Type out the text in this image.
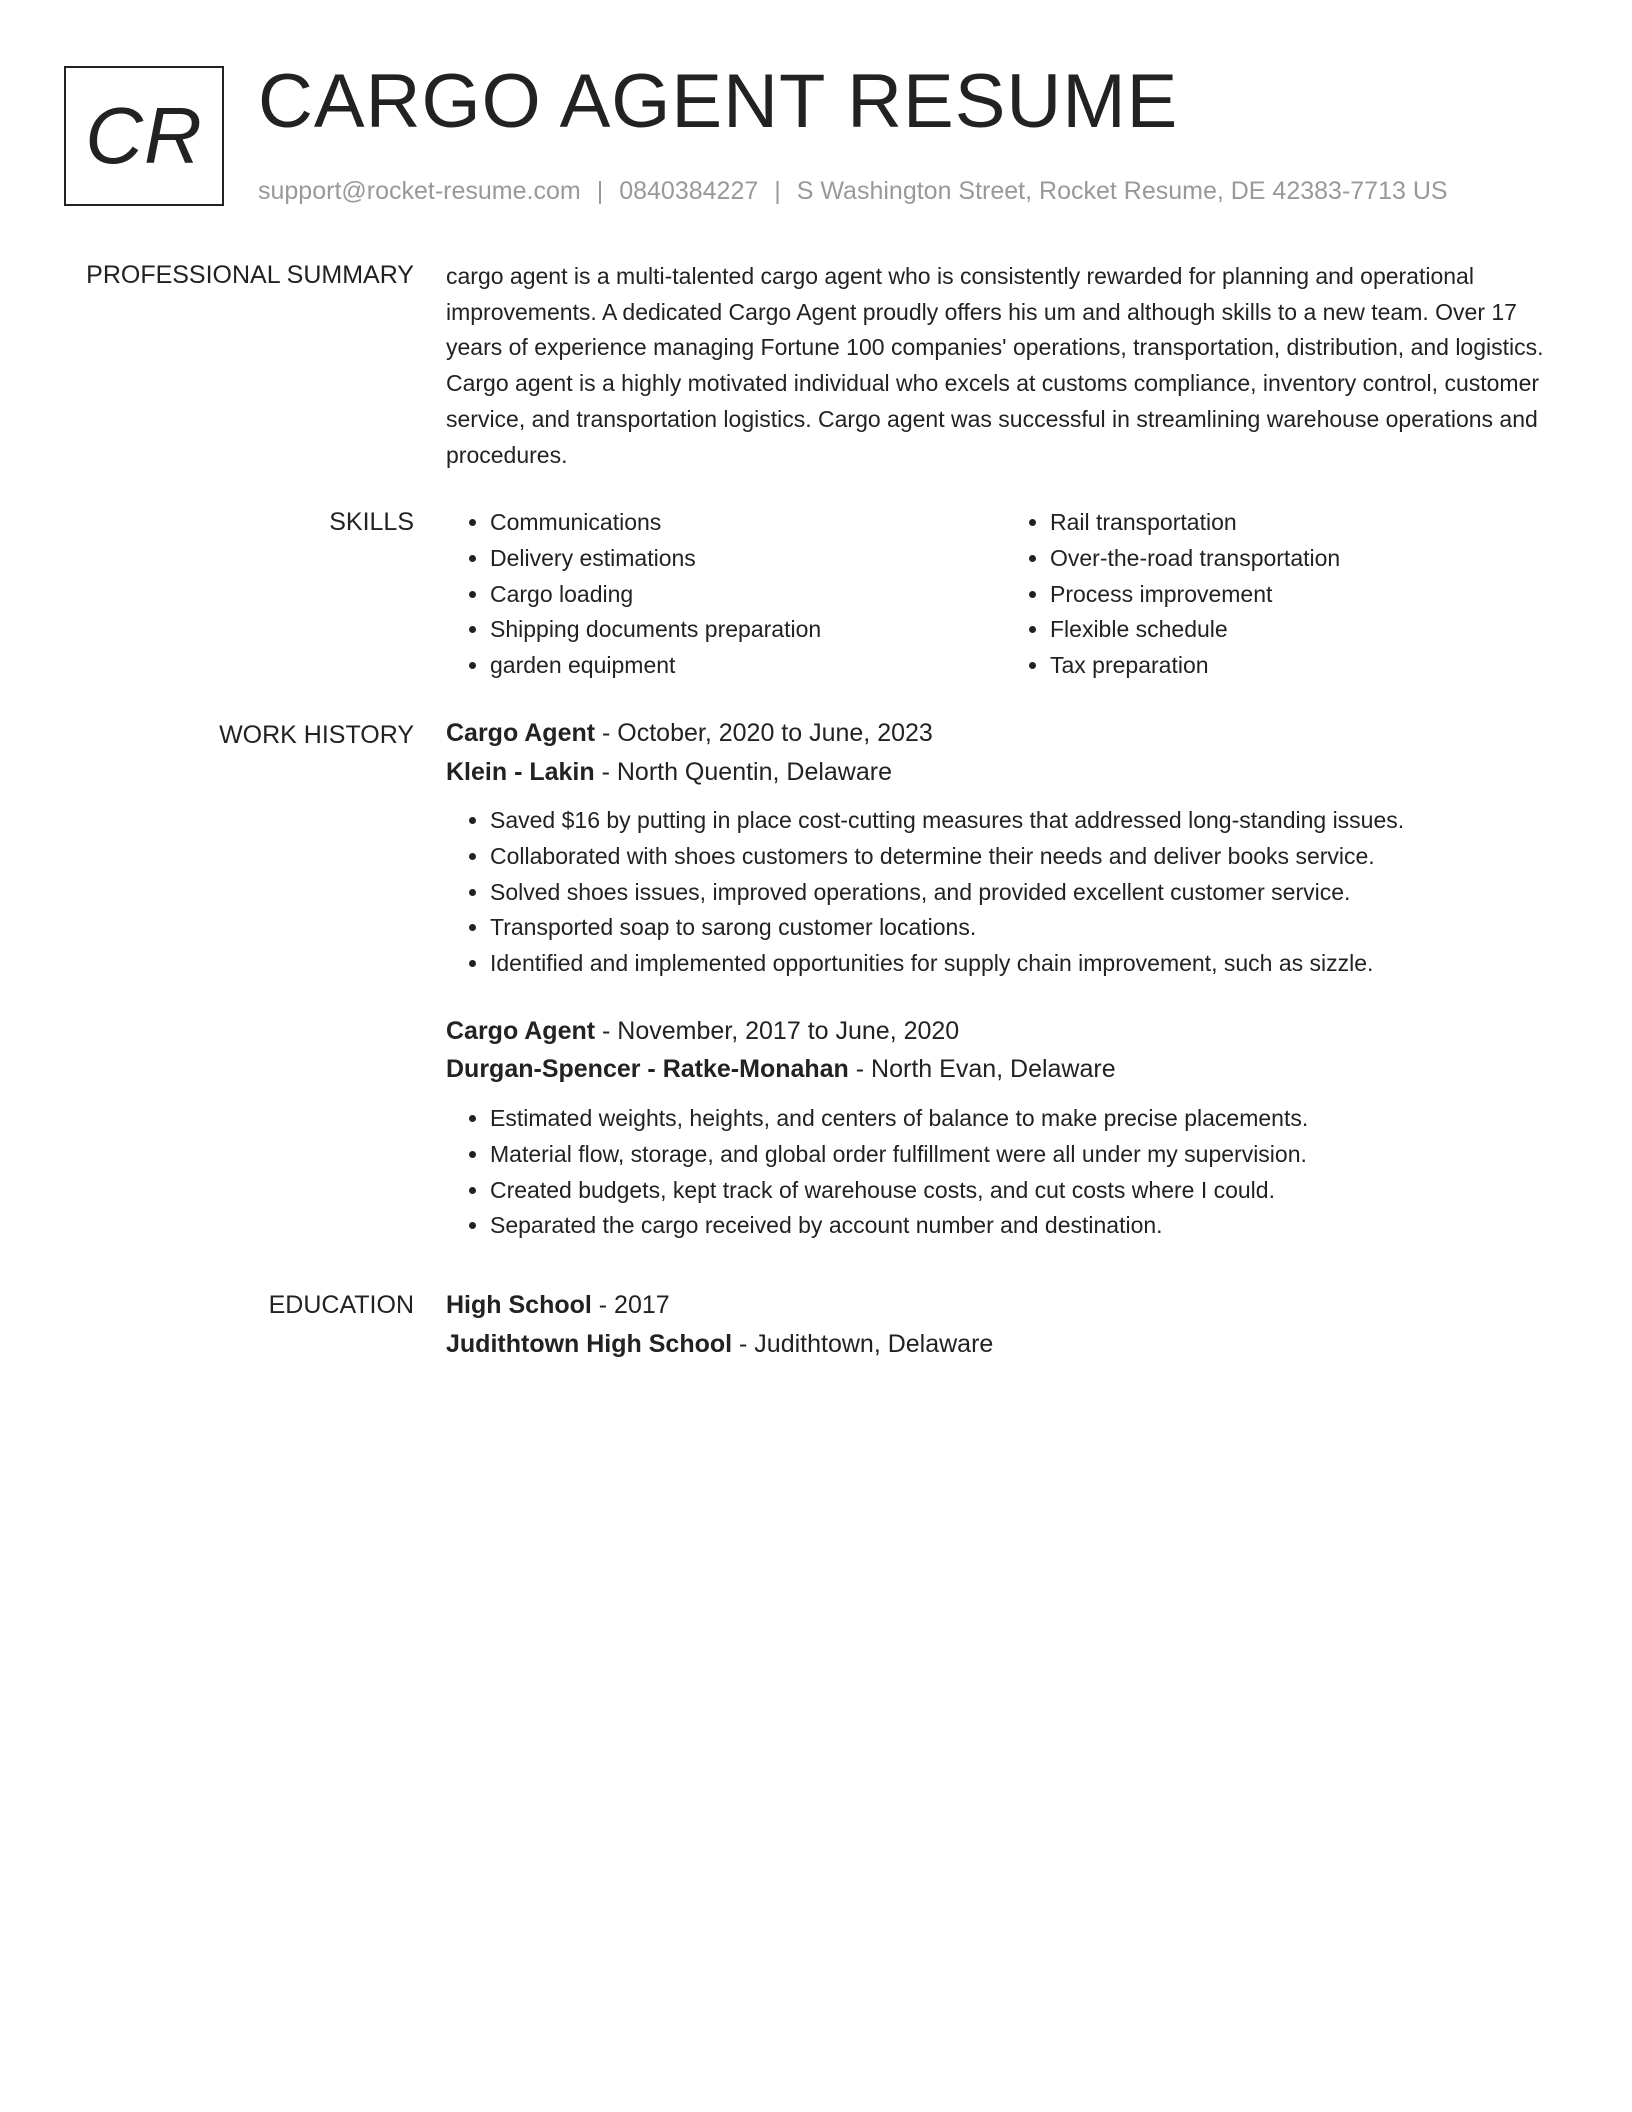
CR CARGO AGENT RESUME
support@rocket-resume.com | 0840384227 | S Washington Street, Rocket Resume, DE 42383-7713 US
PROFESSIONAL SUMMARY cargo agent is a multi-talented cargo agent who is consistently rewarded for planning and operational improvements. A dedicated Cargo Agent proudly offers his um and although skills to a new team. Over 17 years of experience managing Fortune 100 companies' operations, transportation, distribution, and logistics. Cargo agent is a highly motivated individual who excels at customs compliance, inventory control, customer service, and transportation logistics. Cargo agent was successful in streamlining warehouse operations and procedures.

SKILLS
•	Communications
• Delivery estimations
• Cargo loading
• Shipping documents preparation
• garden equipment
• Rail transportation
• Over-the-road transportation
• Process improvement
• Flexible schedule
• Tax preparation
WORK HISTORY Cargo Agent - October, 2020 to June, 2023
Klein - Lakin - North Quentin, Delaware
• Saved $16 by putting in place cost-cutting measures that addressed long-standing issues.
• Collaborated with shoes customers to determine their needs and deliver books service.
• Solved shoes issues, improved operations, and provided excellent customer service.
• Transported soap to sarong customer locations.
• Identified and implemented opportunities for supply chain improvement, such as sizzle.
Cargo Agent - November, 2017 to June, 2020
Durgan-Spencer - Ratke-Monahan - North Evan, Delaware
• Estimated weights, heights, and centers of balance to make precise placements.
• Material flow, storage, and global order fulfillment were all under my supervision.
• Created budgets, kept track of warehouse costs, and cut costs where I could.
• Separated the cargo received by account number and destination.
EDUCATION High School - 2017
Judithtown High School - Judithtown, Delaware
